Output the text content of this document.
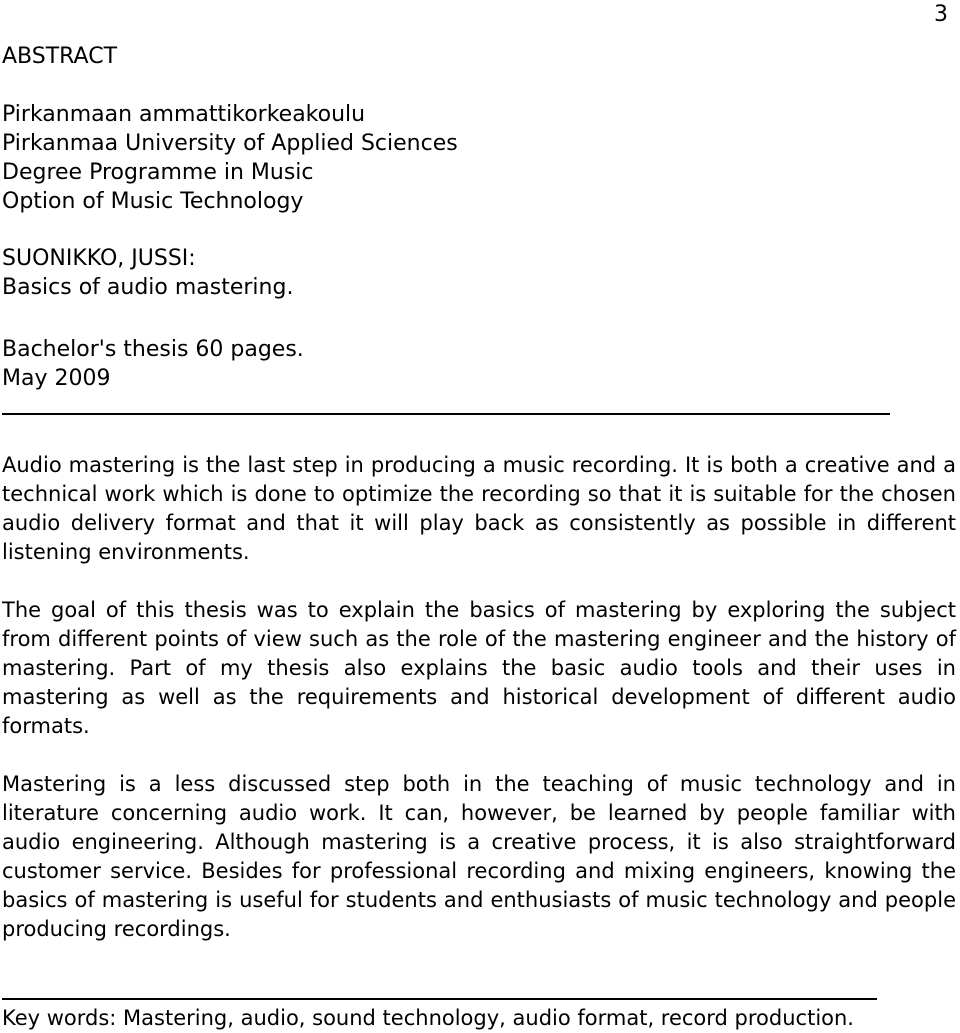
3
ABSTRACT
Pirkanmaan ammattikorkeakoulu
Pirkanmaa University of Applied Sciences
Degree Programme in Music
Option of Music Technology
SUONIKKO, JUSSI:
Basics of audio mastering.
Bachelor's thesis 60 pages.
May 2009
Audio mastering is the last step in producing a music recording. It is both a creative and a technical work which is done to optimize the recording so that it is suitable for the chosen audio delivery format and that it will play back as consistently as possible in different listening environments.
The goal of this thesis was to explain the basics of mastering by exploring the subject from different points of view such as the role of the mastering engineer and the history of mastering. Part of my thesis also explains the basic audio tools and their uses in mastering as well as the requirements and historical development of different audio formats.
Mastering is a less discussed step both in the teaching of music technology and in literature concerning audio work. It can, however, be learned by people familiar with audio engineering. Although mastering is a creative process, it is also straightforward customer service. Besides for professional recording and mixing engineers, knowing the basics of mastering is useful for students and enthusiasts of music technology and people producing recordings.
Key words: Mastering, audio, sound technology, audio format, record production.
